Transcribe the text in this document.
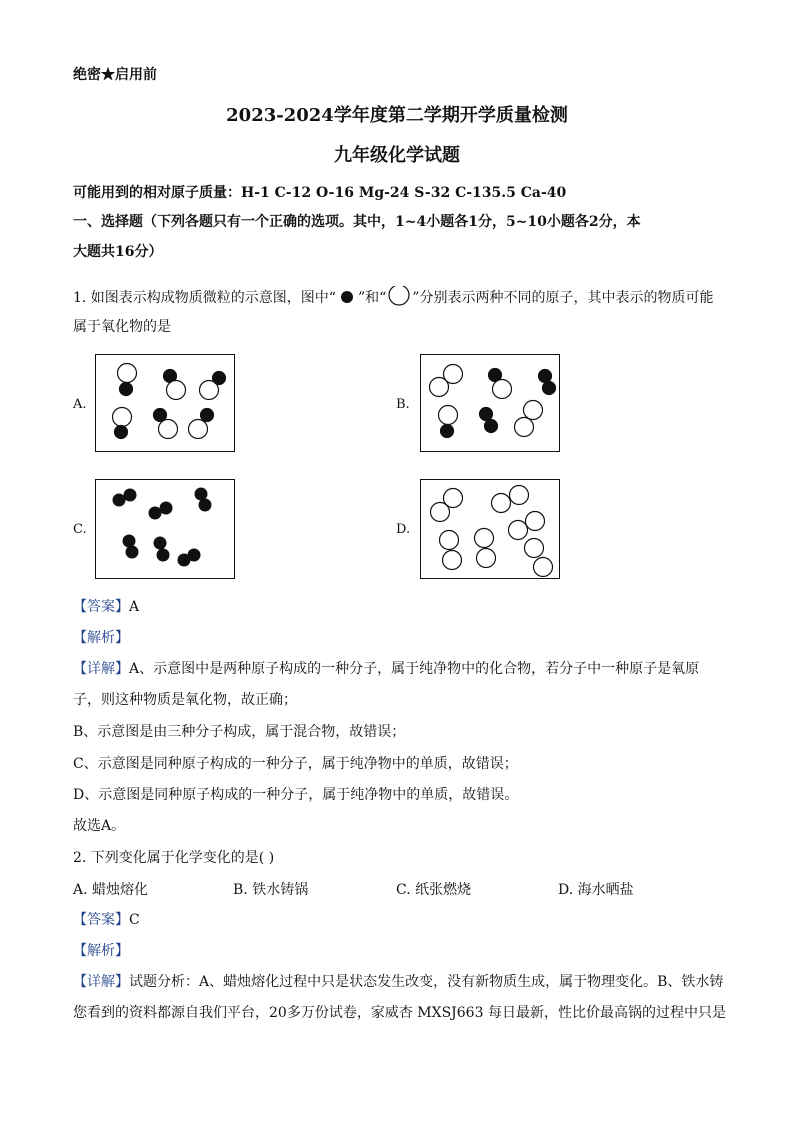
绝密★启用前
2023-2024学年度第二学期开学质量检测
九年级化学试题
可能用到的相对原子质量：H-1 C-12 O-16 Mg-24 S-32 C-135.5 Ca-40
一、选择题（下列各题只有一个正确的选项。其中，1~4小题各1分，5~10小题各2分，本
大题共16分）
1. 如图表示构成物质微粒的示意图，图中“ ”和“ ”分别表示两种不同的原子，其中表示的物质可能
属于氧化物的是
A.	B.
C.	D.
【答案】A
【解析】
【详解】A、示意图中是两种原子构成的一种分子，属于纯净物中的化合物，若分子中一种原子是氧原
子，则这种物质是氧化物，故正确；
B、示意图是由三种分子构成，属于混合物，故错误；
C、示意图是同种原子构成的一种分子，属于纯净物中的单质，故错误；
D、示意图是同种原子构成的一种分子，属于纯净物中的单质，故错误。
故选A。
2. 下列变化属于化学变化的是( )
A. 蜡烛熔化	B. 铁水铸锅	C. 纸张燃烧	D. 海水晒盐
【答案】C
【解析】
【详解】试题分析：A、蜡烛熔化过程中只是状态发生改变，没有新物质生成，属于物理变化。B、铁水铸
您看到的资料都源自我们平台，20多万份试卷，家威杏 MXSJ663 每日最新，性比价最高锅的过程中只是
